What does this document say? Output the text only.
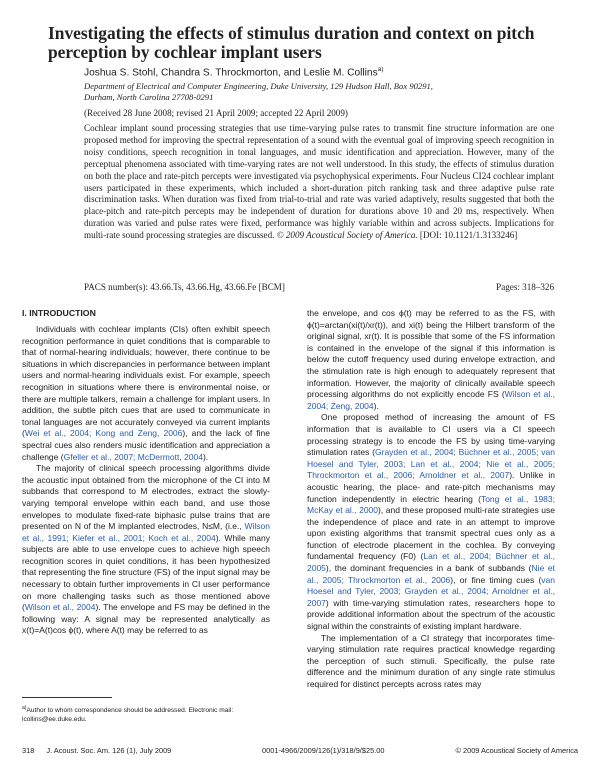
Investigating the effects of stimulus duration and context on pitch perception by cochlear implant users
Joshua S. Stohl, Chandra S. Throckmorton, and Leslie M. Collins$^{a)}$
Department of Electrical and Computer Engineering, Duke University, 129 Hudson Hall, Box 90291,
Durham, North Carolina 27708-0291
(Received 28 June 2008; revised 21 April 2009; accepted 22 April 2009)
Cochlear implant sound processing strategies that use time-varying pulse rates to transmit fine structure information are one proposed method for improving the spectral representation of a sound with the eventual goal of improving speech recognition in noisy conditions, speech recognition in tonal languages, and music identification and appreciation. However, many of the perceptual phenomena associated with time-varying rates are not well understood. In this study, the effects of stimulus duration on both the place and rate-pitch percepts were investigated via psychophysical experiments. Four Nucleus CI24 cochlear implant users participated in these experiments, which included a short-duration pitch ranking task and three adaptive pulse rate discrimination tasks. When duration was fixed from trial-to-trial and rate was varied adaptively, results suggested that both the place-pitch and rate-pitch percepts may be independent of duration for durations above 10 and 20 ms, respectively. When duration was varied and pulse rates were fixed, performance was highly variable within and across subjects. Implications for multi-rate sound processing strategies are discussed. © 2009 Acoustical Society of America. [DOI: 10.1121/1.3133246]
PACS number(s): 43.66.Ts, 43.66.Hg, 43.66.Fe [BCM]	Pages: 318–326
I. INTRODUCTION

Individuals with cochlear implants (CIs) often exhibit speech recognition performance in quiet conditions that is comparable to that of normal-hearing individuals; however, there continue to be situations in which discrepancies in performance between implant users and normal-hearing individuals exist. For example, speech recognition in situations where there is environmental noise, or there are multiple talkers, remain a challenge for implant users. In addition, the subtle pitch cues that are used to communicate in tonal languages are not accurately conveyed via current implants (Wei et al., 2004; Kong and Zeng, 2006), and the lack of fine spectral cues also renders music identification and appreciation a challenge (Gfeller et al., 2007; McDermott, 2004).

The majority of clinical speech processing algorithms divide the acoustic input obtained from the microphone of the CI into M subbands that correspond to M electrodes, extract the slowly-varying temporal envelope within each band, and use those envelopes to modulate fixed-rate biphasic pulse trains that are presented on N of the M implanted electrodes, N≤M, (i.e., Wilson et al., 1991; Kiefer et al., 2001; Koch et al., 2004). While many subjects are able to use envelope cues to achieve high speech recognition scores in quiet conditions, it has been hypothesized that representing the fine structure (FS) of the input signal may be necessary to obtain further improvements in CI user performance on more challenging tasks such as those mentioned above (Wilson et al., 2004). The envelope and FS may be defined in the following way: A signal may be represented analytically as x(t)=A(t)cos ϕ(t), where A(t) may be referred to as

the envelope, and cos ϕ(t) may be referred to as the FS, with ϕ(t)=arctan(xi(t)/xr(t)), and xi(t) being the Hilbert transform of the original signal, xr(t). It is possible that some of the FS information is contained in the envelope of the signal if this information is below the cutoff frequency used during envelope extraction, and the stimulation rate is high enough to adequately represent that information. However, the majority of clinically available speech processing algorithms do not explicitly encode FS (Wilson et al., 2004; Zeng, 2004).

One proposed method of increasing the amount of FS information that is available to CI users via a CI speech processing strategy is to encode the FS by using time-varying stimulation rates (Grayden et al., 2004; Büchner et al., 2005; van Hoesel and Tyler, 2003; Lan et al., 2004; Nie et al., 2005; Throckmorton et al., 2006; Arnoldner et al., 2007). Unlike in acoustic hearing, the place- and rate-pitch mechanisms may function independently in electric hearing (Tong et al., 1983; McKay et al., 2000), and these proposed multi-rate strategies use the independence of place and rate in an attempt to improve upon existing algorithms that transmit spectral cues only as a function of electrode placement in the cochlea. By conveying fundamental frequency (F0) (Lan et al., 2004; Büchner et al., 2005), the dominant frequencies in a bank of subbands (Nie et al., 2005; Throckmorton et al., 2006), or fine timing cues (van Hoesel and Tyler, 2003; Grayden et al., 2004; Arnoldner et al., 2007) with time-varying stimulation rates, researchers hope to provide additional information about the spectrum of the acoustic signal within the constraints of existing implant hardware.

The implementation of a CI strategy that incorporates time-varying stimulation rate requires practical knowledge regarding the perception of such stimuli. Specifically, the pulse rate difference and the minimum duration of any single rate stimulus required for distinct percepts across rates may

$^{a)}$Author to whom correspondence should be addressed. Electronic mail: lcollins@ee.duke.edu.
318 J. Acoust. Soc. Am. 126 (1), July 2009	0001-4966/2009/126(1)/318/9/$25.00	© 2009 Acoustical Society of America
